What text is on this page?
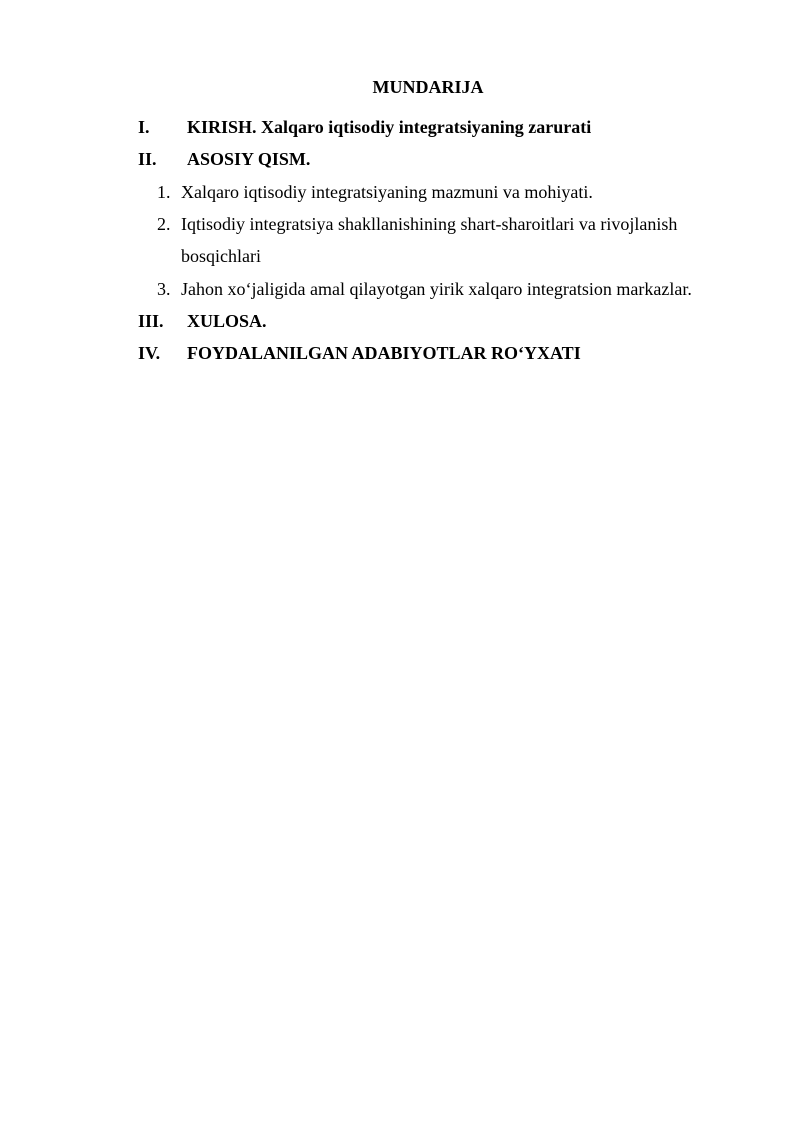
MUNDARIJA
I. KIRISH. Xalqaro iqtisodiy integratsiyaning zarurati
II. ASOSIY QISM.
1. Xalqaro iqtisodiy integratsiyaning mazmuni va mohiyati.
2. Iqtisodiy integratsiya shakllanishining shart-sharoitlari va rivojlanish
bosqichlari
3. Jahon xo‘jaligida amal qilayotgan yirik xalqaro integratsion markazlar.
III. XULOSA.
IV. FOYDALANILGAN ADABIYOTLAR RO‘YXATI
